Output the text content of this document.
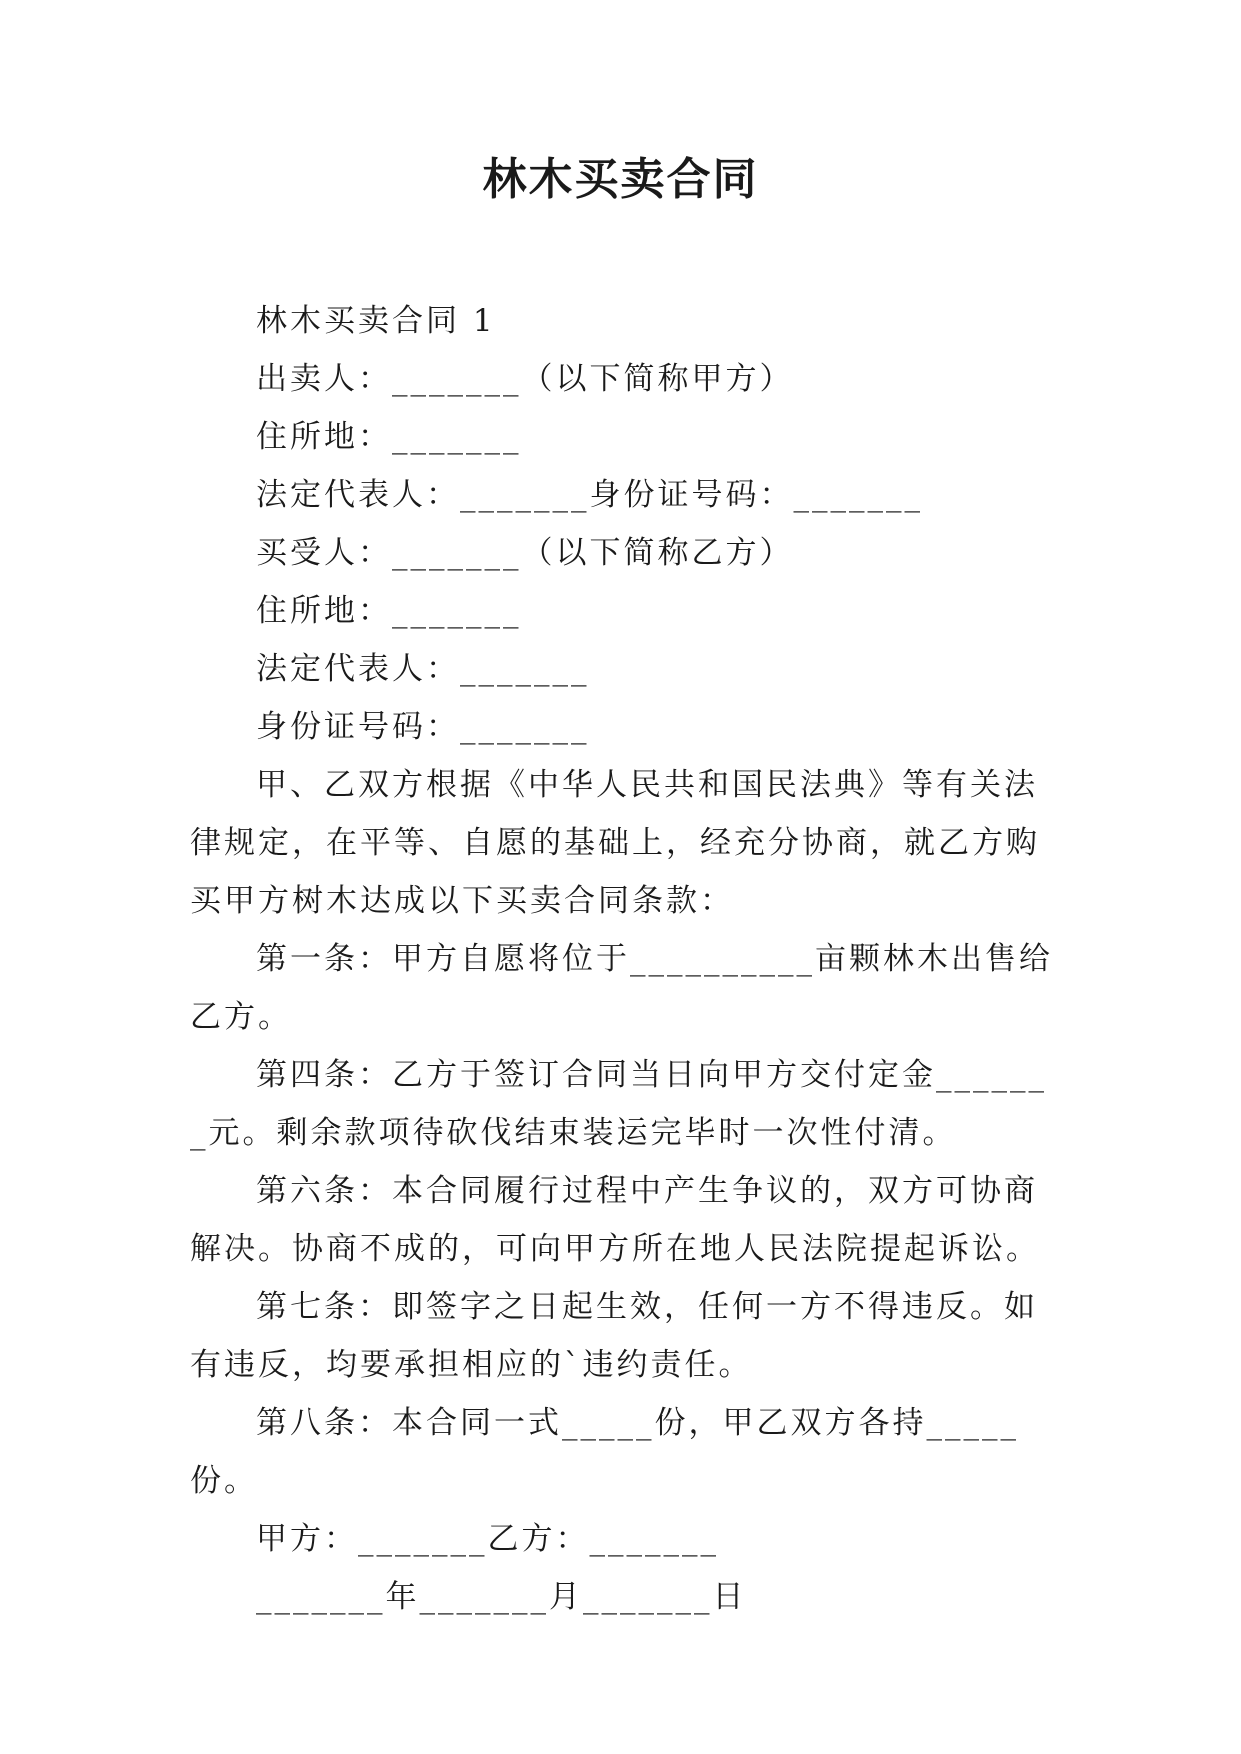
林木买卖合同

林木买卖合同 1

出卖人：_______（以下简称甲方）

住所地：_______

法定代表人：_______身份证号码：_______

买受人：_______（以下简称乙方）

住所地：_______

法定代表人：_______

身份证号码：_______

甲、乙双方根据《中华人民共和国民法典》等有关法律规定，在平等、自愿的基础上，经充分协商，就乙方购买甲方树木达成以下买卖合同条款：

第一条：甲方自愿将位于__________亩颗林木出售给乙方。

第四条：乙方于签订合同当日向甲方交付定金_______元。剩余款项待砍伐结束装运完毕时一次性付清。

第六条：本合同履行过程中产生争议的，双方可协商解决。协商不成的，可向甲方所在地人民法院提起诉讼。

第七条：即签字之日起生效，任何一方不得违反。如有违反，均要承担相应的`违约责任。

第八条：本合同一式_____份，甲乙双方各持_____份。

甲方：_______乙方：_______

_______年_______月_______日
